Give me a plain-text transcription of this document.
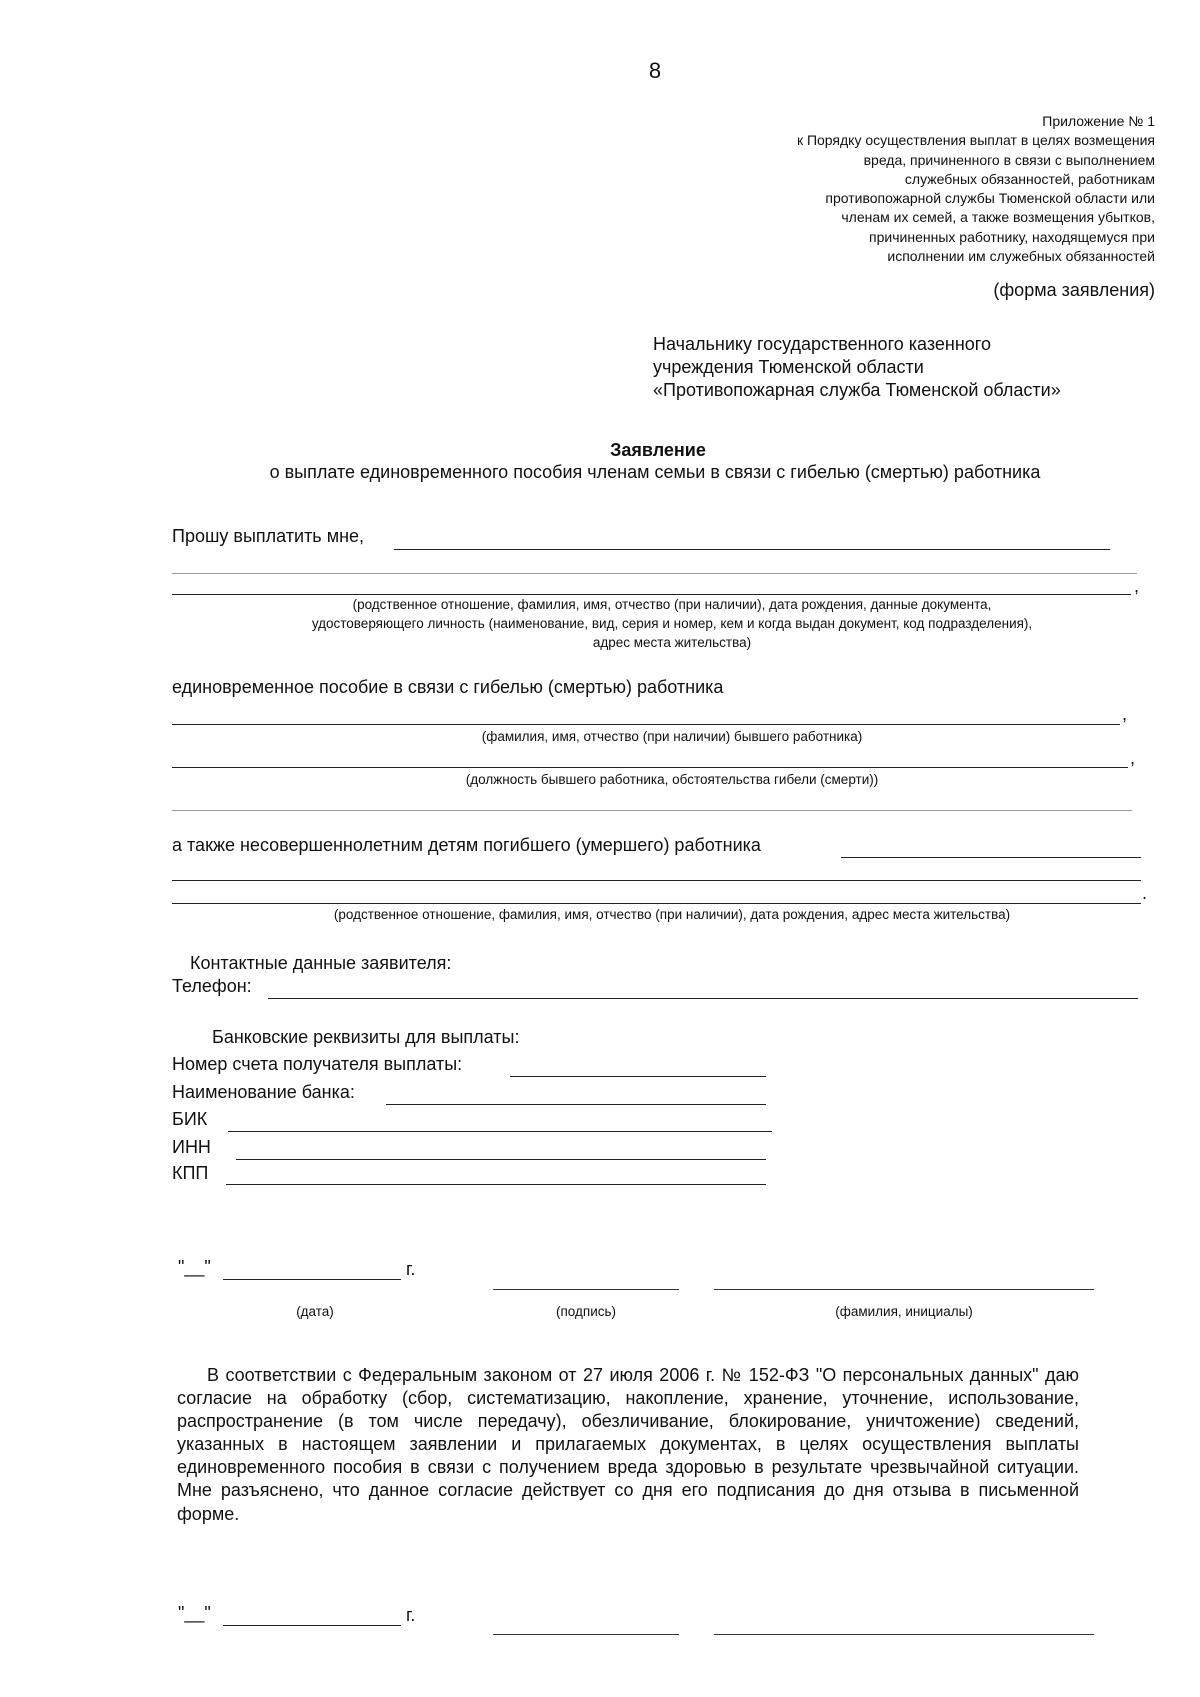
8
Приложение № 1
к Порядку осуществления выплат в целях возмещения
вреда, причиненного в связи с выполнением
служебных обязанностей, работникам
противопожарной службы Тюменской области или
членам их семей, а также возмещения убытков,
причиненных работнику, находящемуся при
исполнении им служебных обязанностей
(форма заявления)
Начальнику государственного казенного
учреждения Тюменской области
«Противопожарная служба Тюменской области»
Заявление
о выплате единовременного пособия членам семьи в связи с гибелью (смертью) работника
Прошу выплатить мне,
,
(родственное отношение, фамилия, имя, отчество (при наличии), дата рождения, данные документа,
удостоверяющего личность (наименование, вид, серия и номер, кем и когда выдан документ, код подразделения),
адрес места жительства)
единовременное пособие в связи с гибелью (смертью) работника
,
(фамилия, имя, отчество (при наличии) бывшего работника)
,
(должность бывшего работника, обстоятельства гибели (смерти))
а также несовершеннолетним детям погибшего (умершего) работника
.
(родственное отношение, фамилия, имя, отчество (при наличии), дата рождения, адрес места жительства)
Контактные данные заявителя:
Телефон:
Банковские реквизиты для выплаты:
Номер счета получателя выплаты:
Наименование банка:
БИК
ИНН
КПП
"__"	г.
(дата)	(подпись)	(фамилия, инициалы)
В соответствии с Федеральным законом от 27 июля 2006 г. № 152-ФЗ "О персональных данных" даю согласие на обработку (сбор, систематизацию, накопление, хранение, уточнение, использование, распространение (в том числе передачу), обезличивание, блокирование, уничтожение) сведений, указанных в настоящем заявлении и прилагаемых документах, в целях осуществления выплаты единовременного пособия в связи с получением вреда здоровью в результате чрезвычайной ситуации. Мне разъяснено, что данное согласие действует со дня его подписания до дня отзыва в письменной форме.
"__"	г.
